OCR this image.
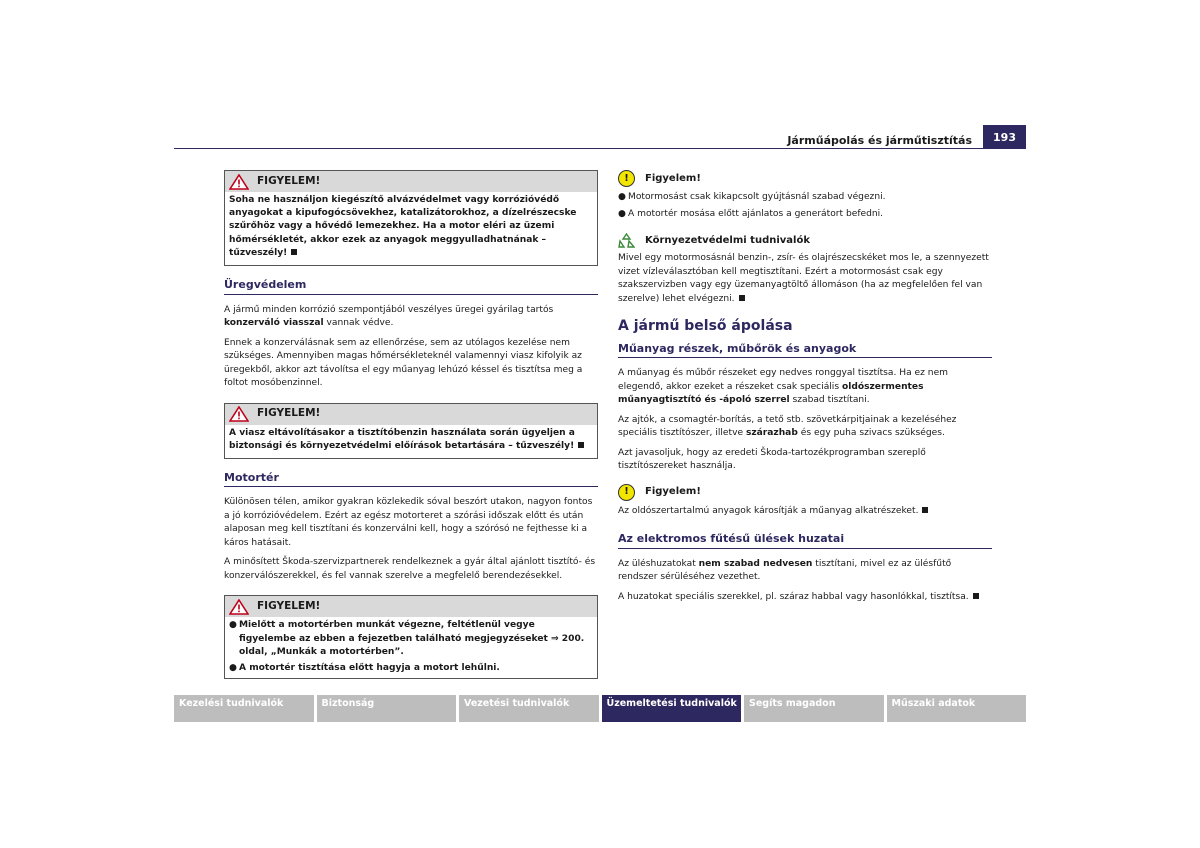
Járműápolás és járműtisztítás	193
FIGYELEM!

Soha ne használjon kiegészítő alvázvédelmet vagy korrózióvédő anyagokat a kipufogócsövekhez, katalizátorokhoz, a dízelrészecske szűrőhöz vagy a hővédő lemezekhez. Ha a motor eléri az üzemi hőmérsékletét, akkor ezek az anyagok meggyulladhatnának – tűzveszély!

Üregvédelem

A jármű minden korrózió szempontjából veszélyes üregei gyárilag tartós konzerváló viasszal vannak védve.

Ennek a konzerválásnak sem az ellenőrzése, sem az utólagos kezelése nem szükséges. Amennyiben magas hőmérsékleteknél valamennyi viasz kifolyik az üregekből, akkor azt távolítsa el egy műanyag lehúzó késsel és tisztítsa meg a foltot mosóbenzinnel.

FIGYELEM!

A viasz eltávolításakor a tisztítóbenzin használata során ügyeljen a biztonsági és környezetvédelmi előírások betartására – tűzveszély!

Motortér

Különösen télen, amikor gyakran közlekedik sóval beszórt utakon, nagyon fontos a jó korrózióvédelem. Ezért az egész motorteret a szórási időszak előtt és után alaposan meg kell tisztítani és konzerválni kell, hogy a szórósó ne fejthesse ki a káros hatásait.

A minősített Škoda-szervizpartnerek rendelkeznek a gyár által ajánlott tisztító- és konzerválószerekkel, és fel vannak szerelve a megfelelő berendezésekkel.

FIGYELEM!
● Mielőtt a motortérben munkát végezne, feltétlenül vegye figyelembe az ebben a fejezetben található megjegyzéseket ⇒ 200. oldal, „Munkák a motortérben”.
● A motortér tisztítása előtt hagyja a motort lehűlni.
!	Figyelem!
● Motormosást csak kikapcsolt gyújtásnál szabad végezni.
● A motortér mosása előtt ajánlatos a generátort befedni.
Környezetvédelmi tudnivalók

Mivel egy motormosásnál benzin-, zsír- és olajrészecskéket mos le, a szennyezett vizet vízleválasztóban kell megtisztítani. Ezért a motormosást csak egy szakszervizben vagy egy üzemanyagtöltő állomáson (ha az megfelelően fel van szerelve) lehet elvégezni.

A jármű belső ápolása
Műanyag részek, műbőrök és anyagok

A műanyag és műbőr részeket egy nedves ronggyal tisztítsa. Ha ez nem elegendő, akkor ezeket a részeket csak speciális oldószermentes műanyagtisztító és -ápoló szerrel szabad tisztítani.

Az ajtók, a csomagtér-borítás, a tető stb. szövetkárpitjainak a kezeléséhez speciális tisztítószer, illetve szárazhab és egy puha szivacs szükséges.

Azt javasoljuk, hogy az eredeti Škoda-tartozékprogramban szereplő tisztítószereket használja.

!	Figyelem!

Az oldószertartalmú anyagok károsítják a műanyag alkatrészeket.

Az elektromos fűtésű ülések huzatai

Az üléshuzatokat nem szabad nedvesen tisztítani, mivel ez az ülésfűtő rendszer sérüléséhez vezethet.

A huzatokat speciális szerekkel, pl. száraz habbal vagy hasonlókkal, tisztítsa.

Kezelési tudnivalók	Biztonság	Vezetési tudnivalók	Üzemeltetési tudnivalók	Segíts magadon	Műszaki adatok
